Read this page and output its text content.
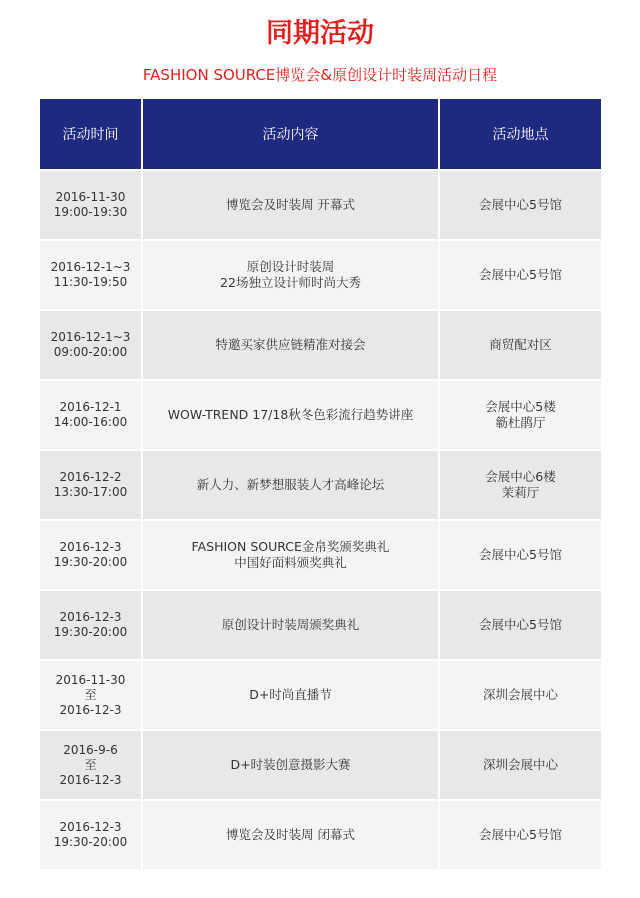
同期活动
FASHION SOURCE博览会&原创设计时装周活动日程
活动时间	活动内容	活动地点
2016-11-30
19:00-19:30	博览会及时装周 开幕式	会展中心5号馆
2016-12-1~3
11:30-19:50	原创设计时装周
22场独立设计师时尚大秀	会展中心5号馆
2016-12-1~3
09:00-20:00	特邀买家供应链精准对接会	商贸配对区
2016-12-1
14:00-16:00	WOW-TREND 17/18秋冬色彩流行趋势讲座	会展中心5楼
簕杜鹃厅
2016-12-2
13:30-17:00	新人力、新梦想服装人才高峰论坛	会展中心6楼
茉莉厅
2016-12-3
19:30-20:00	FASHION SOURCE金帛奖颁奖典礼
中国好面料颁奖典礼	会展中心5号馆
2016-12-3
19:30-20:00	原创设计时装周颁奖典礼	会展中心5号馆
2016-11-30
至
2016-12-3	D+时尚直播节	深圳会展中心
2016-9-6
至
2016-12-3	D+时装创意摄影大赛	深圳会展中心
2016-12-3
19:30-20:00	博览会及时装周 闭幕式	会展中心5号馆
